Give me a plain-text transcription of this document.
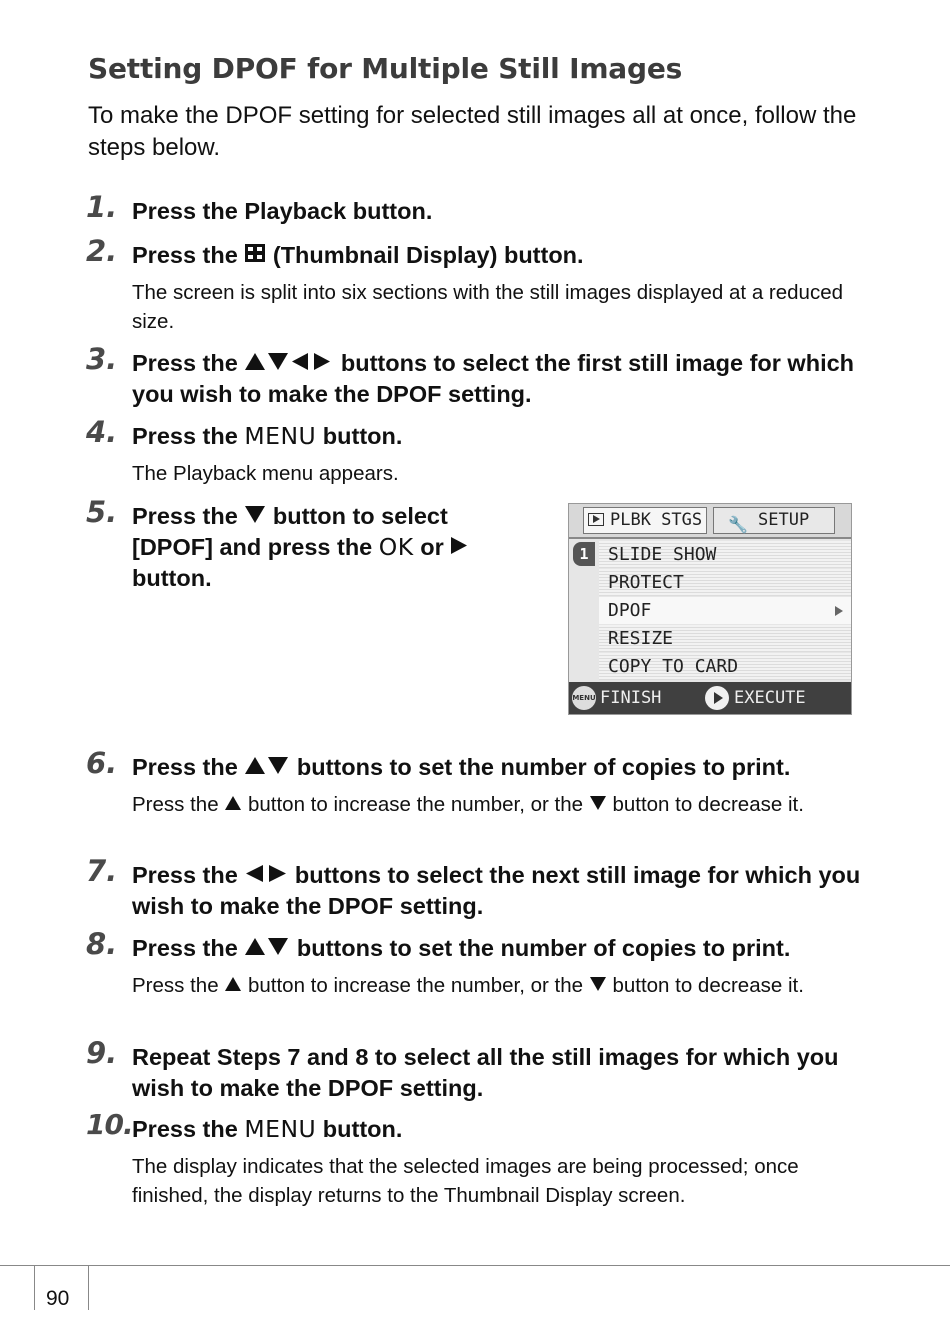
Setting DPOF for Multiple Still Images
To make the DPOF setting for selected still images all at once, follow the steps below.
1. Press the Playback button.
2. Press the  (Thumbnail Display) button.
The screen is split into six sections with the still images displayed at a reduced size.
3. Press the	buttons to select the first still image for which you wish to make the DPOF setting.
4. Press the MENU button.
The Playback menu appears.
5. Press the  button to select [DPOF] and press the OK or  button.
PLBK STGS 🔧 SETUP
1	SLIDE SHOW
PROTECT
DPOF
RESIZE
COPY TO CARD
MENU FINISH	EXECUTE
6. Press the  buttons to set the number of copies to print.
Press the  button to increase the number, or the  button to decrease it.
7. Press the  buttons to select the next still image for which you wish to make the DPOF setting.
8. Press the  buttons to set the number of copies to print.
Press the  button to increase the number, or the  button to decrease it.
9. Repeat Steps 7 and 8 to select all the still images for which you wish to make the DPOF setting.
10. Press the MENU button.
The display indicates that the selected images are being processed; once finished, the display returns to the Thumbnail Display screen.
90
